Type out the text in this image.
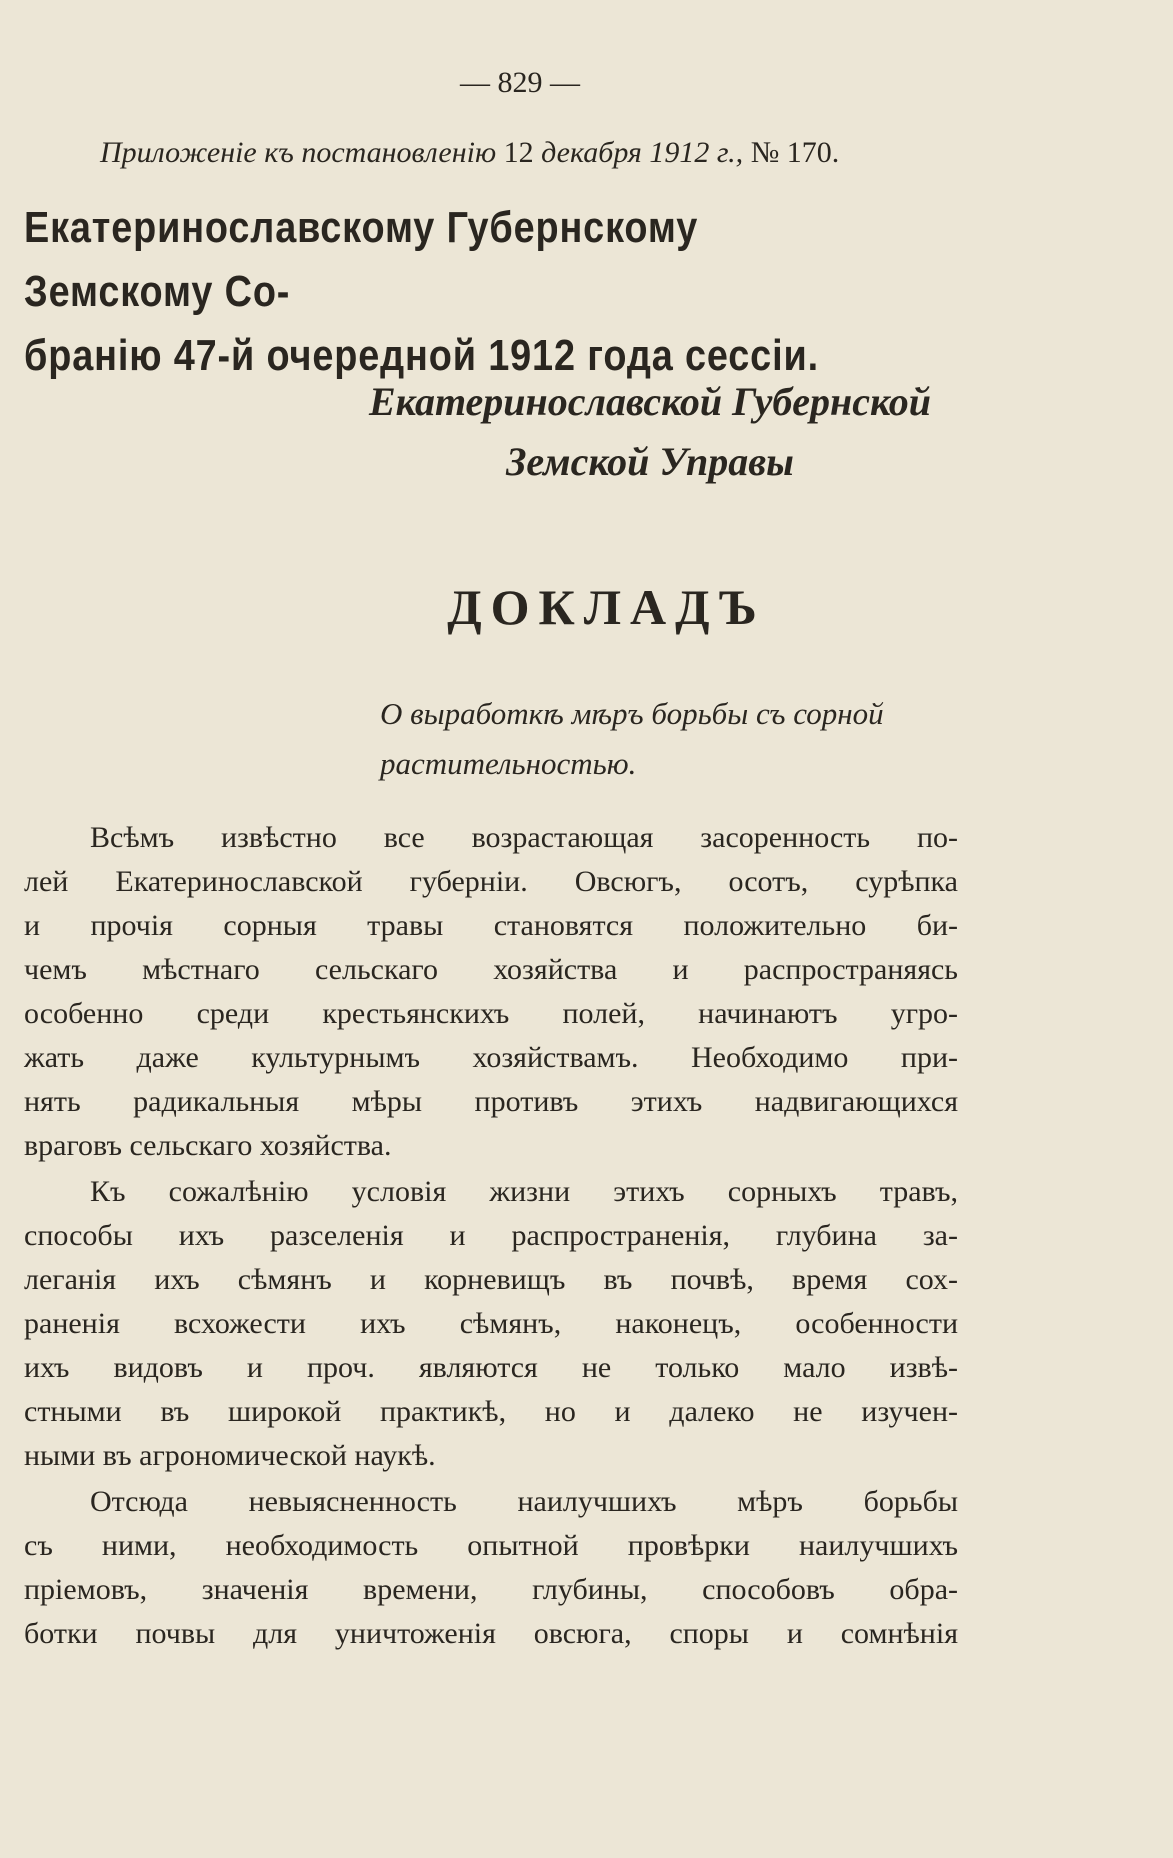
— 829 —
Приложеніе къ постановленію 12 декабря 1912 г., № 170.
Екатеринославскому Губернскому Земскому Со-
бранію 47-й очередной 1912 года сессіи.
Екатеринославской Губернской
Земской Управы
ДОКЛАДЪ
О выработкѣ мѣръ борьбы съ сорной
растительностью.
Всѣмъ извѣстно все возрастающая засоренность по-
лей Екатеринославской губерніи. Овсюгъ, осотъ, сурѣпка
и прочія сорныя травы становятся положительно би-
чемъ мѣстнаго сельскаго хозяйства и распространяясь
особенно среди крестьянскихъ полей, начинаютъ угро-
жать даже культурнымъ хозяйствамъ. Необходимо при-
нять радикальныя мѣры противъ этихъ надвигающихся
враговъ сельскаго хозяйства.
Къ сожалѣнію условія жизни этихъ сорныхъ травъ,
способы ихъ разселенія и распространенія, глубина за-
леганія ихъ сѣмянъ и корневищъ въ почвѣ, время сох-
раненія всхожести ихъ сѣмянъ, наконецъ, особенности
ихъ видовъ и проч. являются не только мало извѣ-
стными въ широкой практикѣ, но и далеко не изучен-
ными въ агрономической наукѣ.
Отсюда невыясненность наилучшихъ мѣръ борьбы
съ ними, необходимость опытной провѣрки наилучшихъ
пріемовъ, значенія времени, глубины, способовъ обра-
ботки почвы для уничтоженія овсюга, споры и сомнѣнія
